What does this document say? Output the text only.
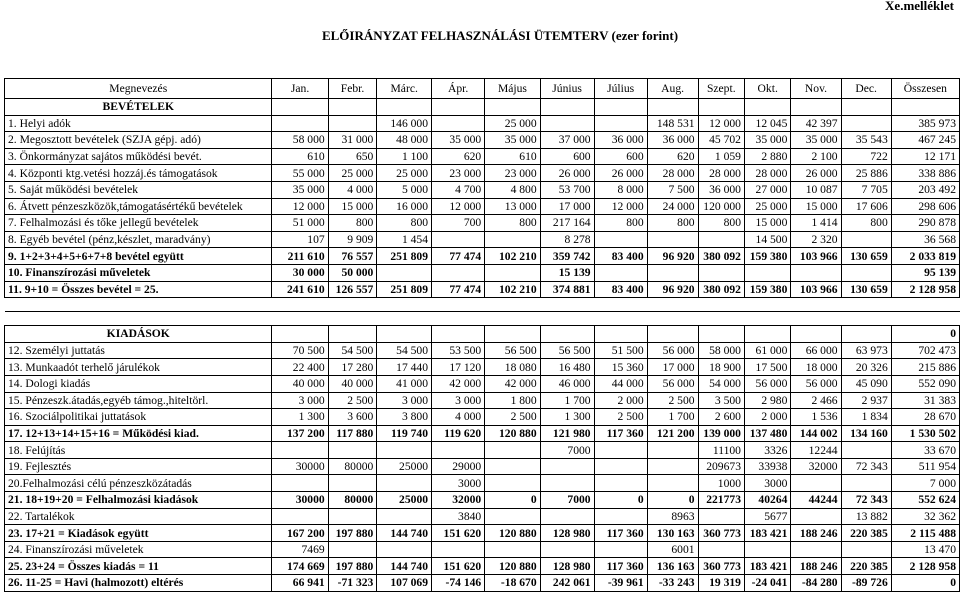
Xe.melléklet
ELŐIRÁNYZAT FELHASZNÁLÁSI ÜTEMTERV (ezer forint)
Megnevezés	Jan.	Febr.	Márc.	Ápr.	Május	Június	Július	Aug.	Szept.	Okt.	Nov.	Dec.	Összesen
BEVÉTELEK													
1. Helyi adók			146 000		25 000			148 531	12 000	12 045	42 397		385 973
2. Megosztott bevételek (SZJA gépj. adó)	58 000	31 000	48 000	35 000	35 000	37 000	36 000	36 000	45 702	35 000	35 000	35 543	467 245
3. Önkormányzat sajátos működési bevét.	610	650	1 100	620	610	600	600	620	1 059	2 880	2 100	722	12 171
4. Központi ktg.vetési hozzáj.és támogatások	55 000	25 000	25 000	23 000	23 000	26 000	26 000	28 000	28 000	28 000	26 000	25 886	338 886
5. Saját működési bevételek	35 000	4 000	5 000	4 700	4 800	53 700	8 000	7 500	36 000	27 000	10 087	7 705	203 492
6. Átvett pénzeszközök,támogatásértékű bevételek	12 000	15 000	16 000	12 000	13 000	17 000	12 000	24 000	120 000	25 000	15 000	17 606	298 606
7. Felhalmozási és tőke jellegű bevételek	51 000	800	800	700	800	217 164	800	800	800	15 000	1 414	800	290 878
8. Egyéb bevétel (pénz,készlet, maradvány)	107	9 909	1 454			8 278				14 500	2 320		36 568
9. 1+2+3+4+5+6+7+8 bevétel együtt	211 610	76 557	251 809	77 474	102 210	359 742	83 400	96 920	380 092	159 380	103 966	130 659	2 033 819
10. Finanszírozási műveletek	30 000	50 000				15 139							95 139
11. 9+10 = Összes bevétel = 25.	241 610	126 557	251 809	77 474	102 210	374 881	83 400	96 920	380 092	159 380	103 966	130 659	2 128 958

KIADÁSOK													0
12. Személyi juttatás	70 500	54 500	54 500	53 500	56 500	56 500	51 500	56 000	58 000	61 000	66 000	63 973	702 473
13. Munkaadót terhelő járulékok	22 400	17 280	17 440	17 120	18 080	16 480	15 360	17 000	18 900	17 500	18 000	20 326	215 886
14. Dologi kiadás	40 000	40 000	41 000	42 000	42 000	46 000	44 000	56 000	54 000	56 000	56 000	45 090	552 090
15. Pénzeszk.átadás,egyéb támog.,hiteltörl.	3 000	2 500	3 000	3 000	1 800	1 700	2 000	2 500	3 500	2 980	2 466	2 937	31 383
16. Szociálpolitikai juttatások	1 300	3 600	3 800	4 000	2 500	1 300	2 500	1 700	2 600	2 000	1 536	1 834	28 670
17. 12+13+14+15+16 = Működési kiad.	137 200	117 880	119 740	119 620	120 880	121 980	117 360	121 200	139 000	137 480	144 002	134 160	1 530 502
18. Felújítás						7000			11100	3326	12244		33 670
19. Fejlesztés	30000	80000	25000	29000					209673	33938	32000	72 343	511 954
20.Felhalmozási célú pénzeszközátadás				3000					1000	3000			7 000
21. 18+19+20 = Felhalmozási kiadások	30000	80000	25000	32000	0	7000	0	0	221773	40264	44244	72 343	552 624
22. Tartalékok				3840				8963		5677		13 882	32 362
23. 17+21 = Kiadások együtt	167 200	197 880	144 740	151 620	120 880	128 980	117 360	130 163	360 773	183 421	188 246	220 385	2 115 488
24. Finanszírozási műveletek	7469							6001					13 470
25. 23+24 = Összes kiadás = 11	174 669	197 880	144 740	151 620	120 880	128 980	117 360	136 163	360 773	183 421	188 246	220 385	2 128 958
26. 11-25 = Havi (halmozott) eltérés	66 941	-71 323	107 069	-74 146	-18 670	242 061	-39 961	-33 243	19 319	-24 041	-84 280	-89 726	0
